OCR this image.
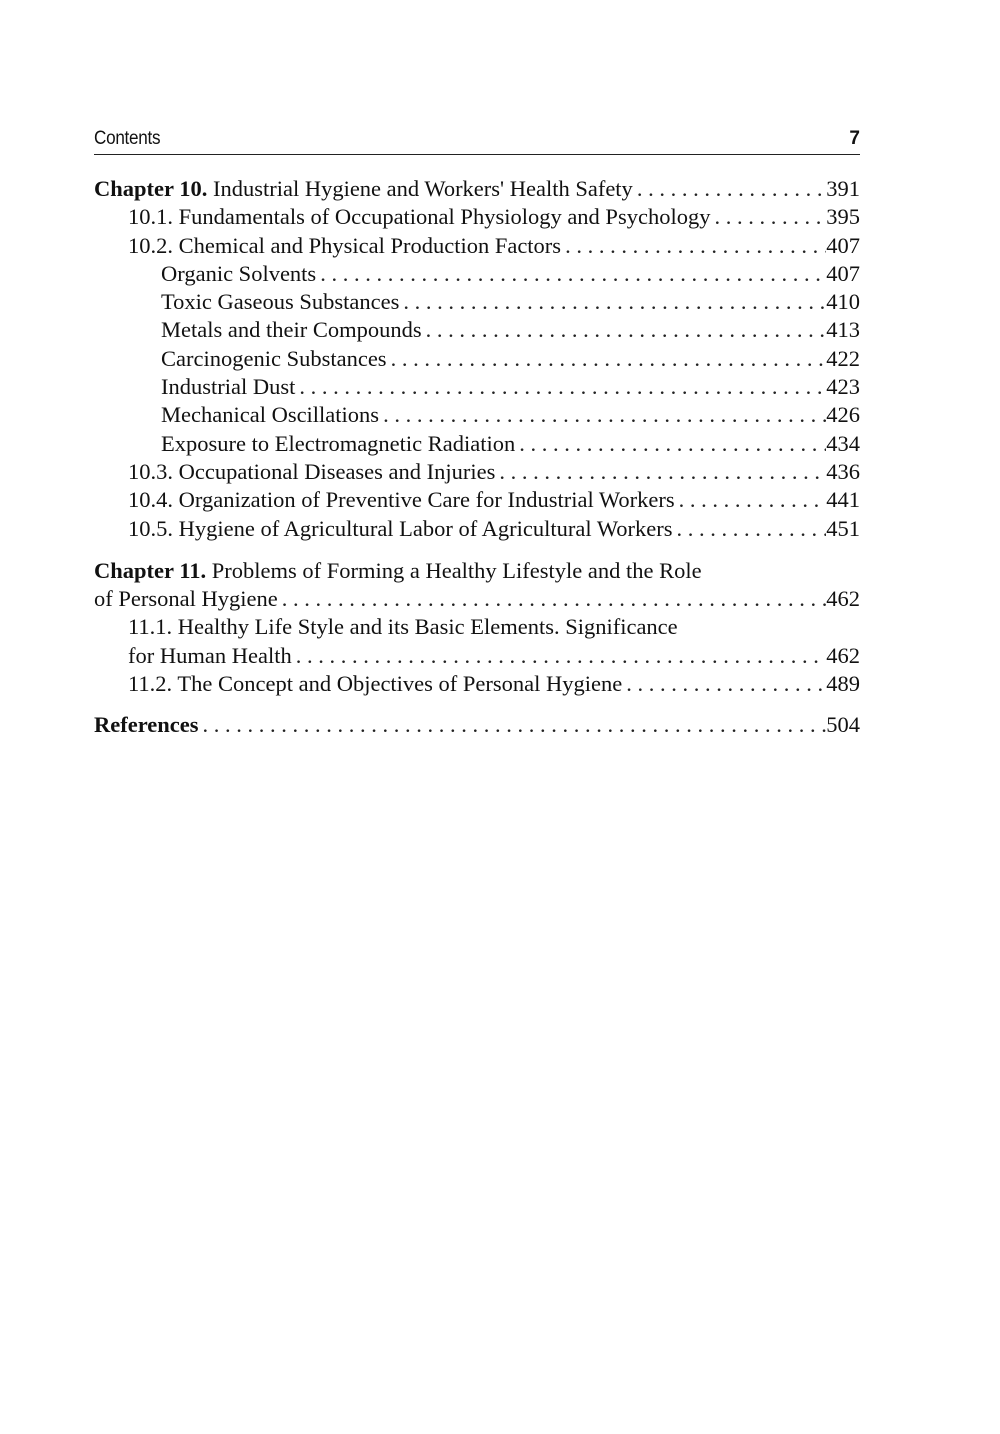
Contents	7
Chapter 10. Industrial Hygiene and Workers' Health Safety . . .	391
10.1. Fundamentals of Occupational Physiology and Psychology . . .	395
10.2. Chemical and Physical Production Factors . . .	407
Organic Solvents . . .	407
Toxic Gaseous Substances . . .	410
Metals and their Compounds . . .	413
Carcinogenic Substances . . .	422
Industrial Dust . . .	423
Mechanical Oscillations . . .	426
Exposure to Electromagnetic Radiation . . .	434
10.3. Occupational Diseases and Injuries . . .	436
10.4. Organization of Preventive Care for Industrial Workers . . .	441
10.5. Hygiene of Agricultural Labor of Agricultural Workers . . .	451
Chapter 11. Problems of Forming a Healthy Lifestyle and the Role
of Personal Hygiene . . .	462
11.1. Healthy Life Style and its Basic Elements. Significance
for Human Health . . .	462
11.2. The Concept and Objectives of Personal Hygiene . . .	489
References . . .	504
